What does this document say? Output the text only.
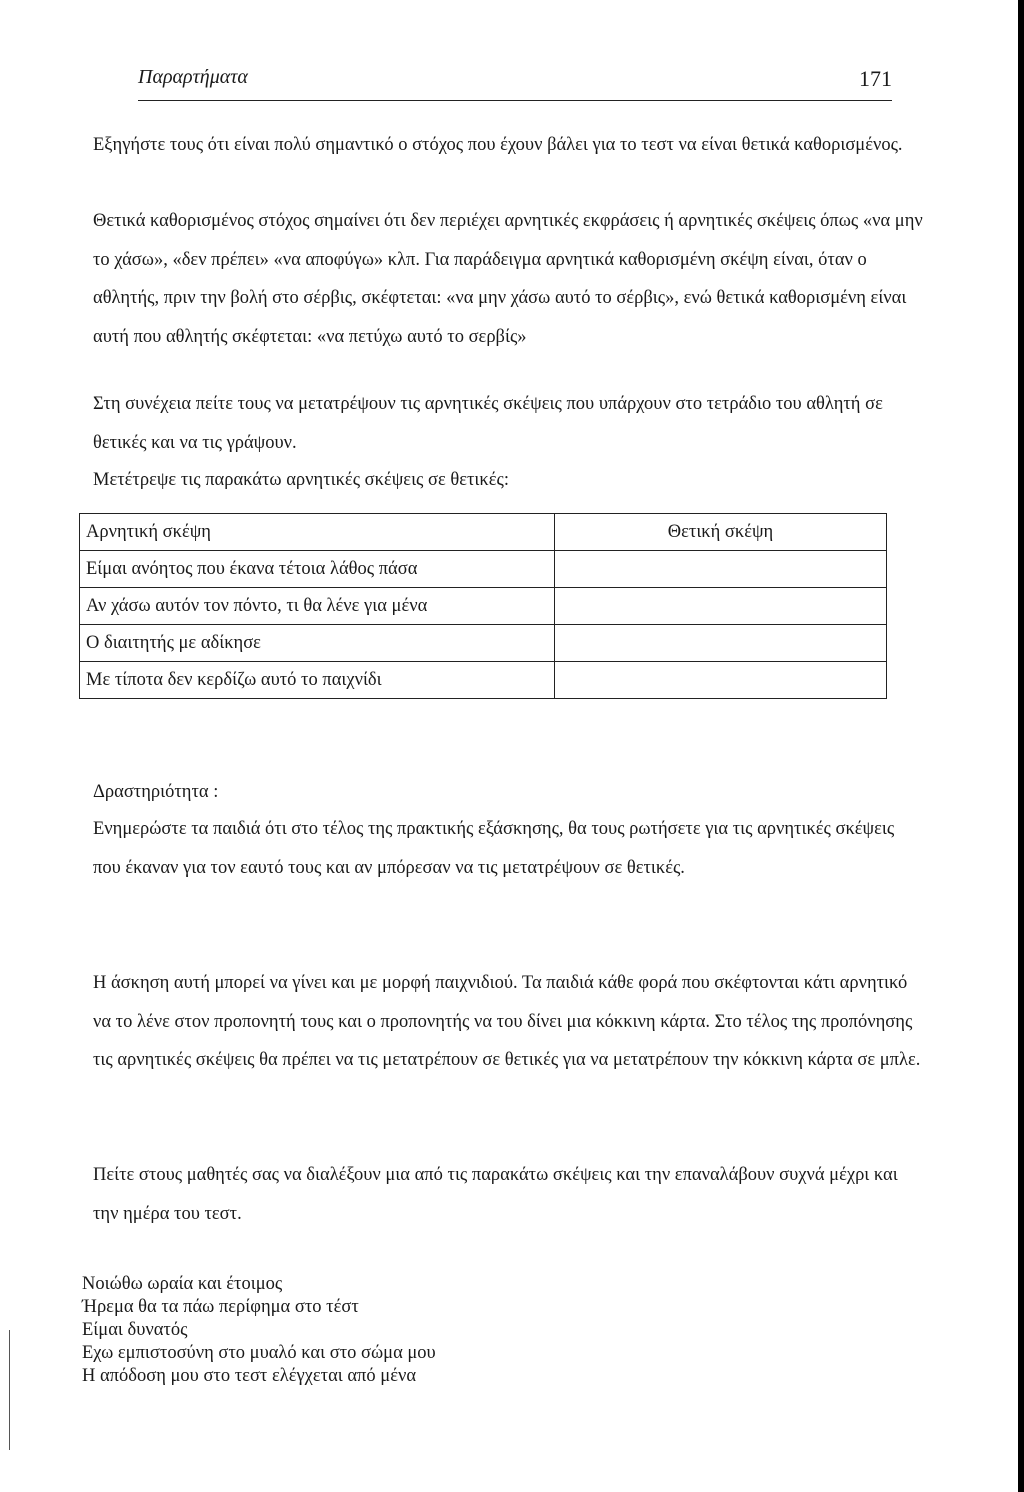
Παραρτήματα	171
Εξηγήστε τους ότι είναι πολύ σημαντικό ο στόχος που έχουν βάλει για το τεστ να είναι θετικά καθορισμένος.
Θετικά καθορισμένος στόχος σημαίνει ότι δεν περιέχει αρνητικές εκφράσεις ή αρνητικές σκέψεις όπως «να μην το χάσω», «δεν πρέπει» «να αποφύγω» κλπ. Για παράδειγμα αρνητικά καθορισμένη σκέψη είναι, όταν ο αθλητής, πριν την βολή στο σέρβις, σκέφτεται: «να μην χάσω αυτό το σέρβις», ενώ θετικά καθορισμένη είναι αυτή που αθλητής σκέφτεται: «να πετύχω αυτό το σερβίς»
Στη συνέχεια πείτε τους να μετατρέψουν τις αρνητικές σκέψεις που υπάρχουν στο τετράδιο του αθλητή σε θετικές και να τις γράψουν.
Μετέτρεψε τις παρακάτω αρνητικές σκέψεις σε θετικές:
Αρνητική σκέψη	Θετική σκέψη
Είμαι ανόητος που έκανα τέτοια λάθος πάσα	
Αν χάσω αυτόν τον πόντο, τι θα λένε για μένα	
Ο διαιτητής με αδίκησε	
Με τίποτα δεν κερδίζω αυτό το παιχνίδι	
Δραστηριότητα :
Ενημερώστε τα παιδιά ότι στο τέλος της πρακτικής εξάσκησης, θα τους ρωτήσετε για τις αρνητικές σκέψεις που έκαναν για τον εαυτό τους και αν μπόρεσαν να τις μετατρέψουν σε θετικές.
Η άσκηση αυτή μπορεί να γίνει και με μορφή παιχνιδιού. Τα παιδιά κάθε φορά που σκέφτονται κάτι αρνητικό να το λένε στον προπονητή τους και ο προπονητής να του δίνει μια κόκκινη κάρτα. Στο τέλος της προπόνησης τις αρνητικές σκέψεις θα πρέπει να τις μετατρέπουν σε θετικές για να μετατρέπουν την κόκκινη κάρτα σε μπλε.
Πείτε στους μαθητές σας να διαλέξουν μια από τις παρακάτω σκέψεις και την επαναλάβουν συχνά μέχρι και την ημέρα του τεστ.
Νοιώθω ωραία και έτοιμος
Ήρεμα θα τα πάω περίφημα στο τέστ
Είμαι δυνατός
Εχω εμπιστοσύνη στο μυαλό και στο σώμα μου
Η απόδοση μου στο τεστ ελέγχεται από μένα
